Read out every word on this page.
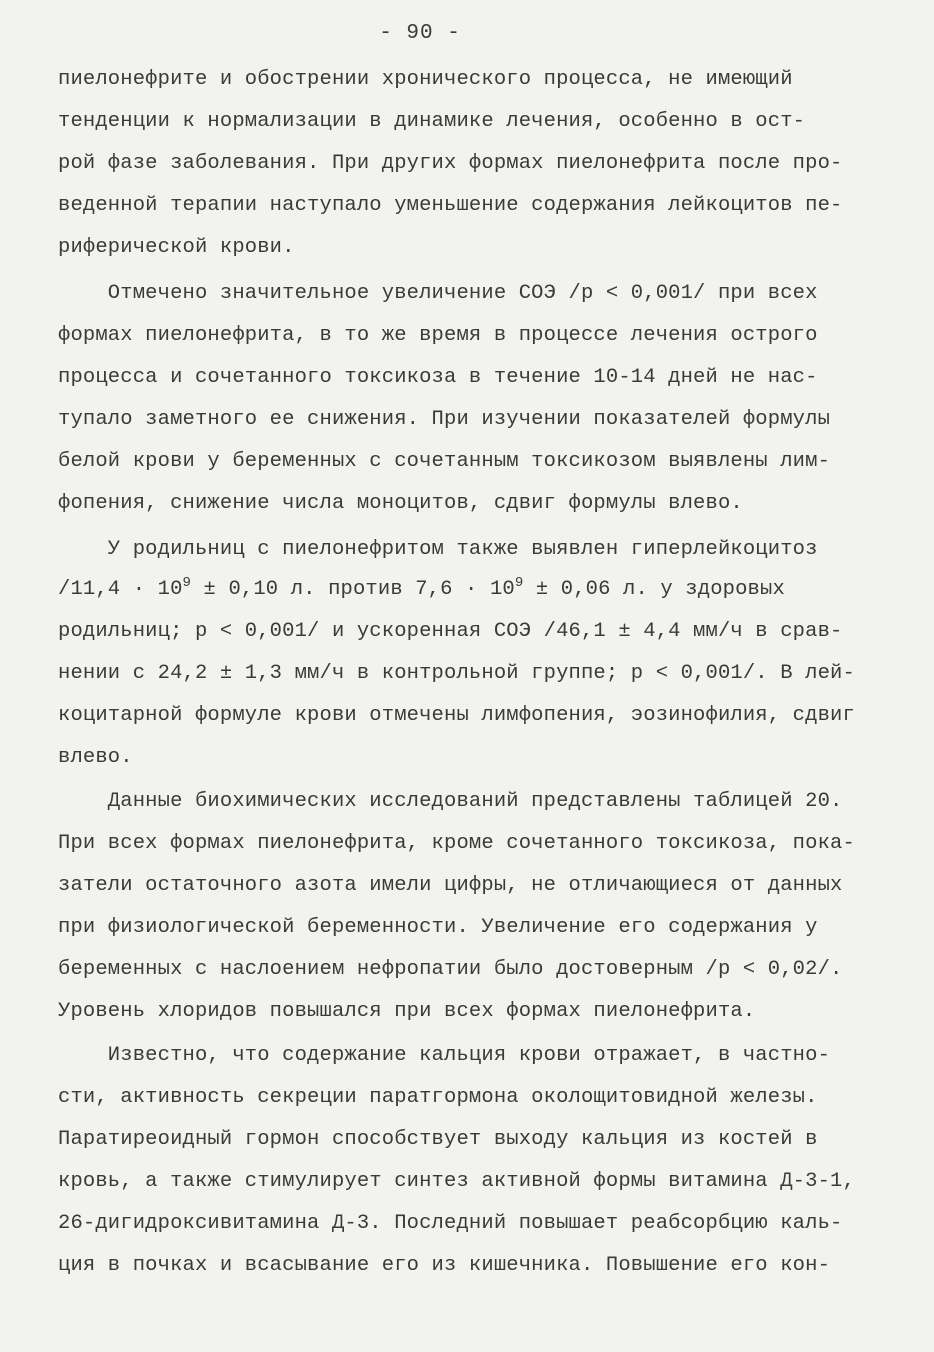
- 90 -
пиелонефрите и обострении хронического процесса, не имеющий
тенденции к нормализации в динамике лечения, особенно в ост-
рой фазе заболевания. При других формах пиелонефрита после про-
веденной терапии наступало уменьшение содержания лейкоцитов пе-
риферической крови.
Отмечено значительное увеличение СОЭ /р < 0,001/ при всех
формах пиелонефрита, в то же время в процессе лечения острого
процесса и сочетанного токсикоза в течение 10-14 дней не нас-
тупало заметного ее снижения. При изучении показателей формулы
белой крови у беременных с сочетанным токсикозом выявлены лим-
фопения, снижение числа моноцитов, сдвиг формулы влево.
У родильниц с пиелонефритом также выявлен гиперлейкоцитоз
$/11,4 \cdot 10^9 \pm 0,10$ л. против $7,6 \cdot 10^9 \pm 0,06$ л. у здоровых
родильниц; р < 0,001/ и ускоренная СОЭ /46,1 ± 4,4 мм/ч в срав-
нении с 24,2 ± 1,3 мм/ч в контрольной группе; р < 0,001/. В лей-
коцитарной формуле крови отмечены лимфопения, эозинофилия, сдвиг
влево.
Данные биохимических исследований представлены таблицей 20.
При всех формах пиелонефрита, кроме сочетанного токсикоза, пока-
затели остаточного азота имели цифры, не отличающиеся от данных
при физиологической беременности. Увеличение его содержания у
беременных с наслоением нефропатии было достоверным /р < 0,02/.
Уровень хлоридов повышался при всех формах пиелонефрита.
Известно, что содержание кальция крови отражает, в частно-
сти, активность секреции паратгормона околощитовидной железы.
Паратиреоидный гормон способствует выходу кальция из костей в
кровь, а также стимулирует синтез активной формы витамина Д-3-1,
26-дигидроксивитамина Д-3. Последний повышает реабсорбцию каль-
ция в почках и всасывание его из кишечника. Повышение его кон-
